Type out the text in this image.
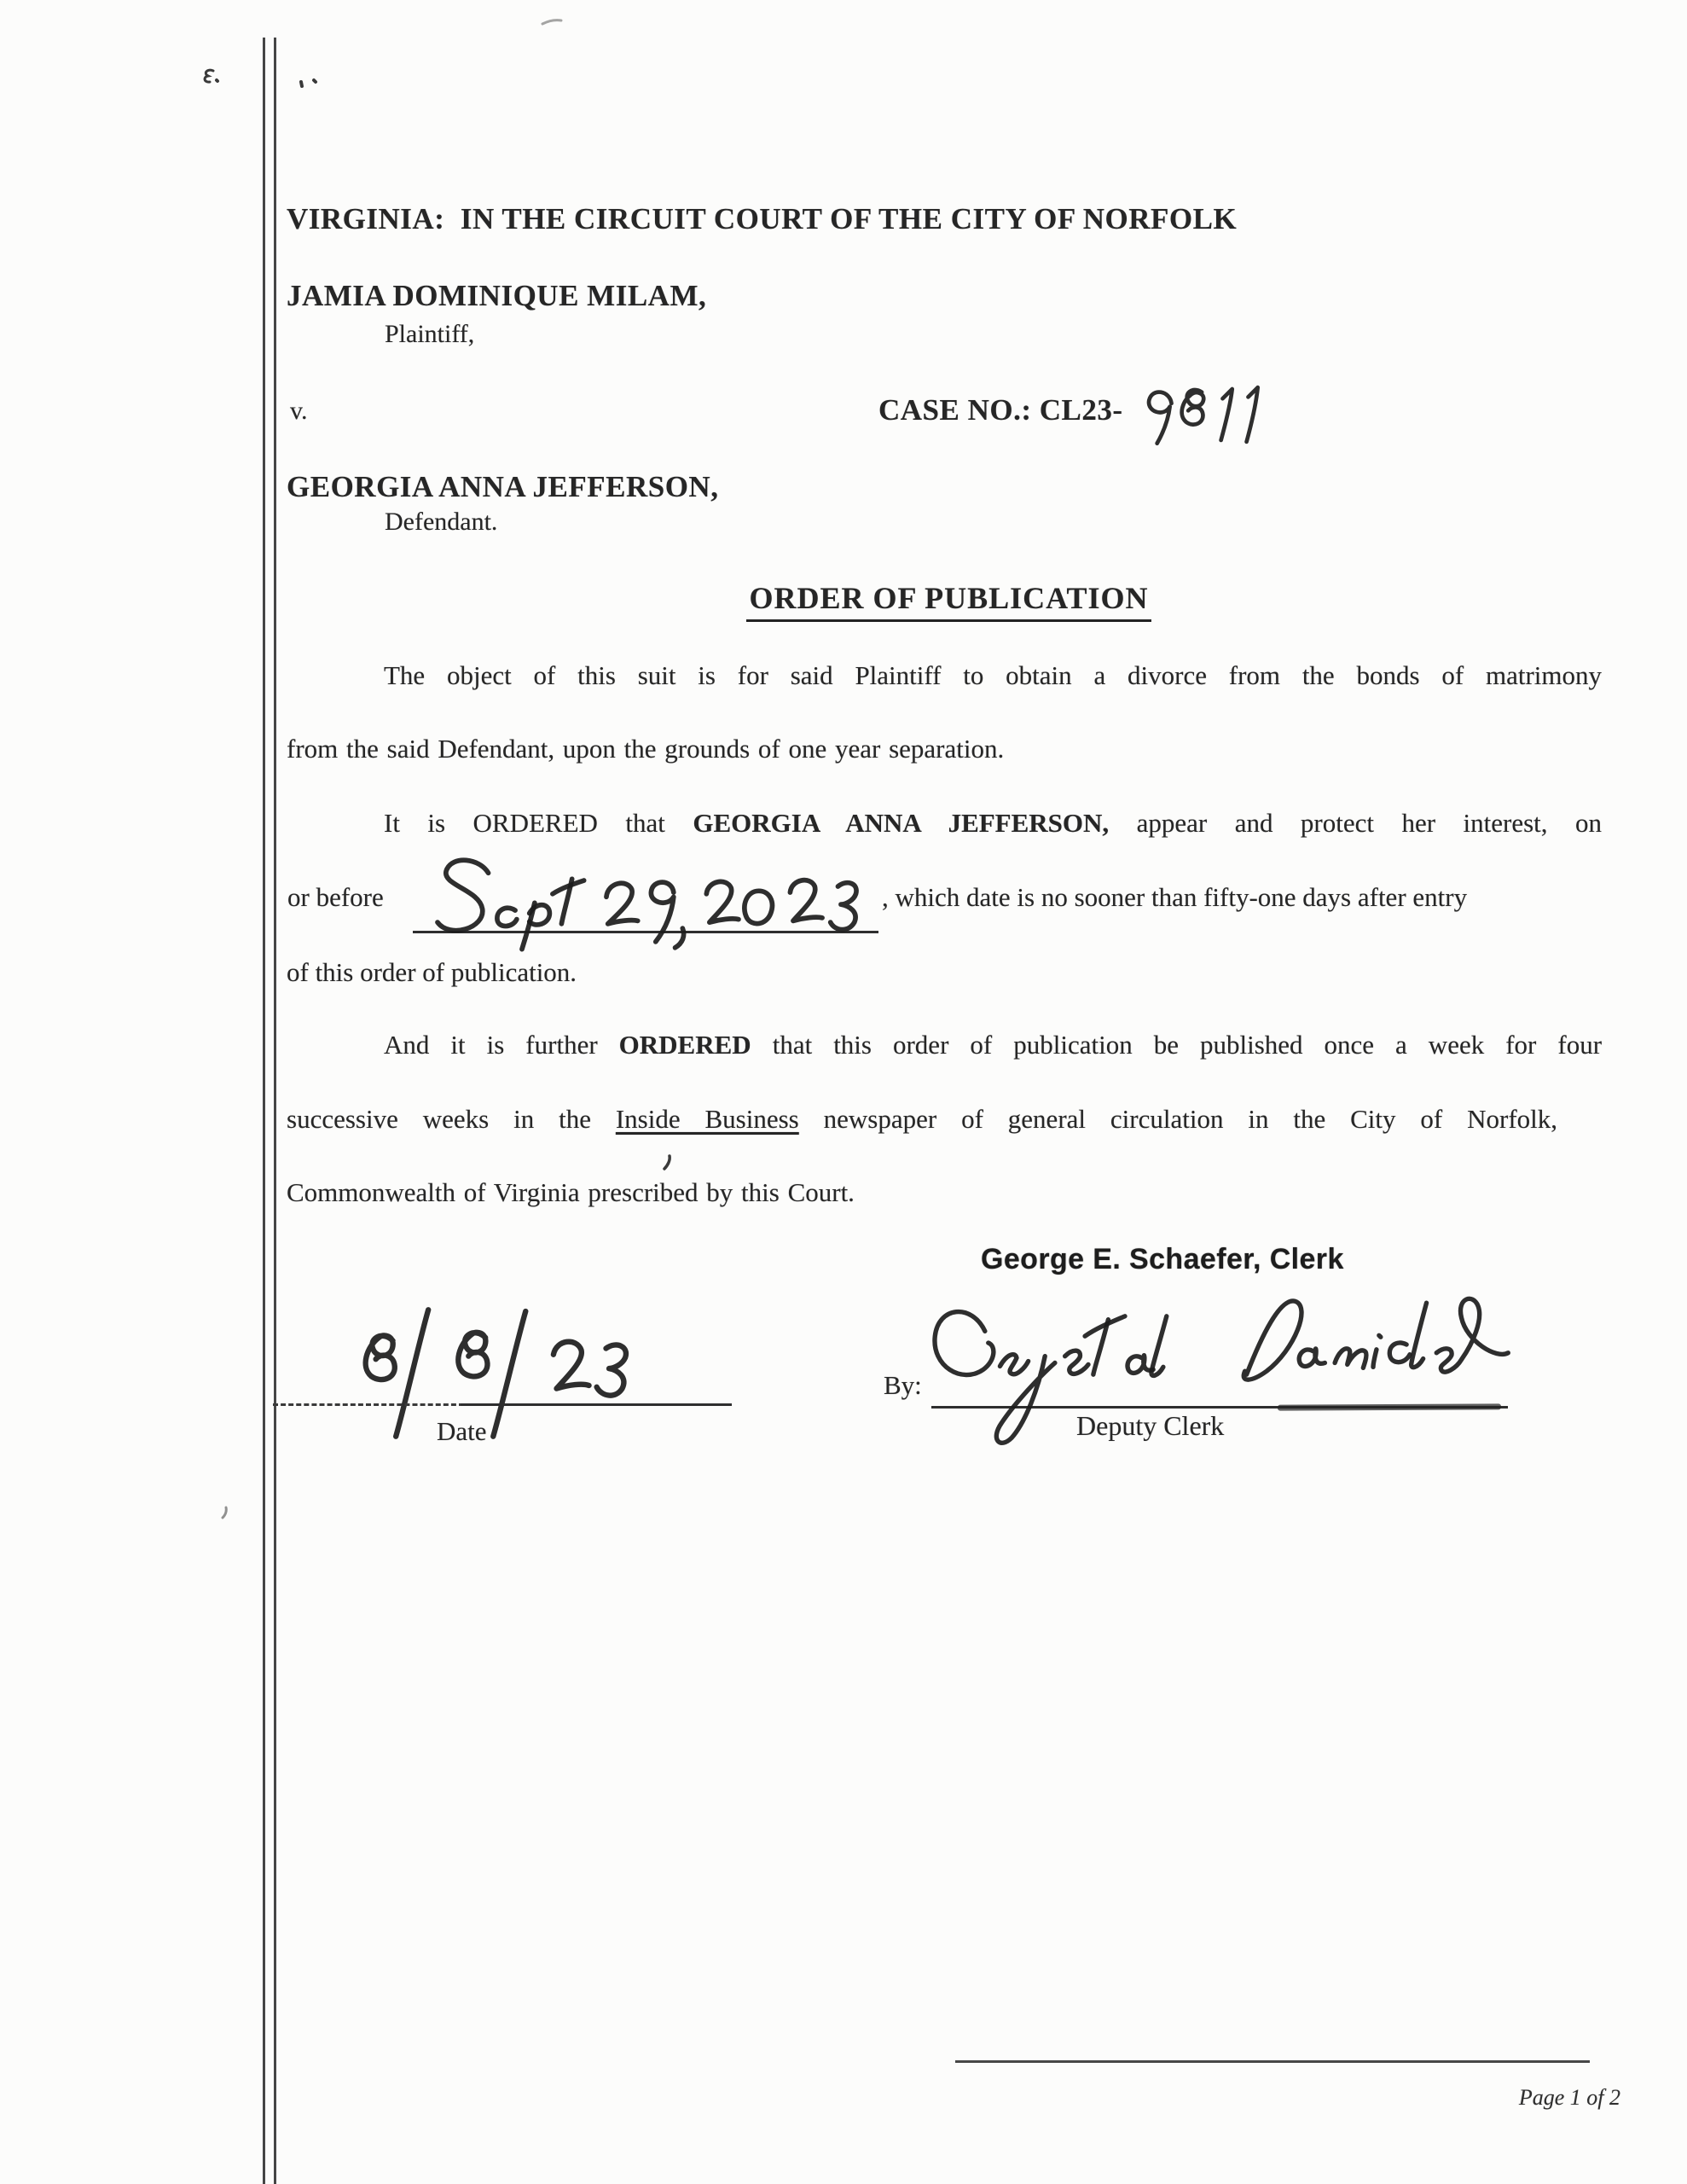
VIRGINIA:  IN THE CIRCUIT COURT OF THE CITY OF NORFOLK
JAMIA DOMINIQUE MILAM,
Plaintiff,
v.	CASE NO.: CL23-
GEORGIA ANNA JEFFERSON,
Defendant.
ORDER OF PUBLICATION
The object of this suit is for said Plaintiff to obtain a divorce from the bonds of matrimony
from the said Defendant, upon the grounds of one year separation.
It is ORDERED that GEORGIA ANNA JEFFERSON, appear and protect her interest, on
or before	, which date is no sooner than fifty-one days after entry
of this order of publication.
And it is further ORDERED that this order of publication be published once a week for four
successive weeks in the Inside Business newspaper of general circulation in the City of Norfolk,
Commonwealth of Virginia prescribed by this Court.
George E. Schaefer, Clerk
Date
By:
Deputy Clerk
Page 1 of 2
